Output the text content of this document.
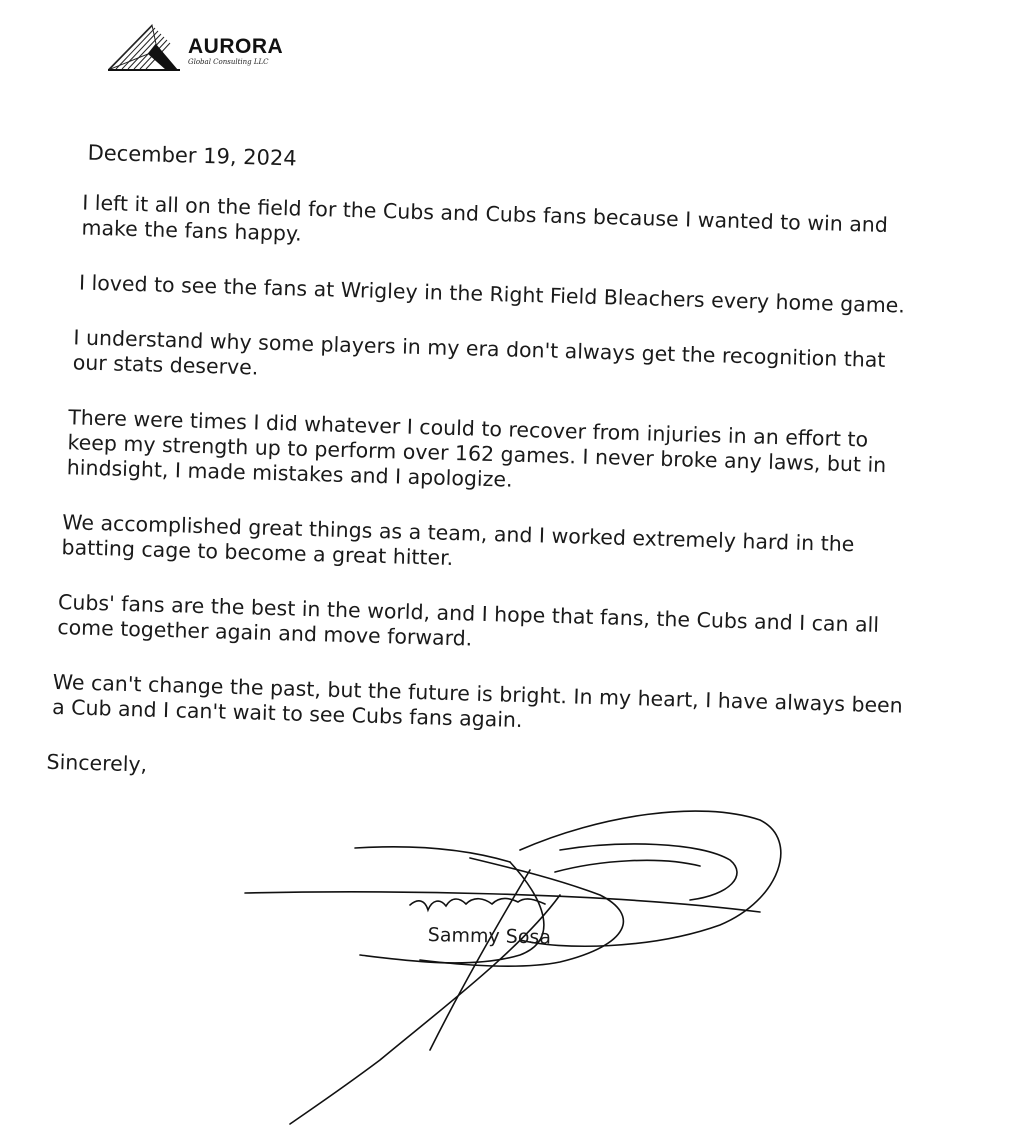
AURORA
Global Consulting LLC
December 19, 2024

I left it all on the field for the Cubs and Cubs fans because I wanted to win and make the fans happy.

I loved to see the fans at Wrigley in the Right Field Bleachers every home game.

I understand why some players in my era don't always get the recognition that our stats deserve.

There were times I did whatever I could to recover from injuries in an effort to keep my strength up to perform over 162 games. I never broke any laws, but in hindsight, I made mistakes and I apologize.

We accomplished great things as a team, and I worked extremely hard in the batting cage to become a great hitter.

Cubs' fans are the best in the world, and I hope that fans, the Cubs and I can all come together again and move forward.

We can't change the past, but the future is bright. In my heart, I have always been a Cub and I can't wait to see Cubs fans again.

Sincerely,
Sammy Sosa
